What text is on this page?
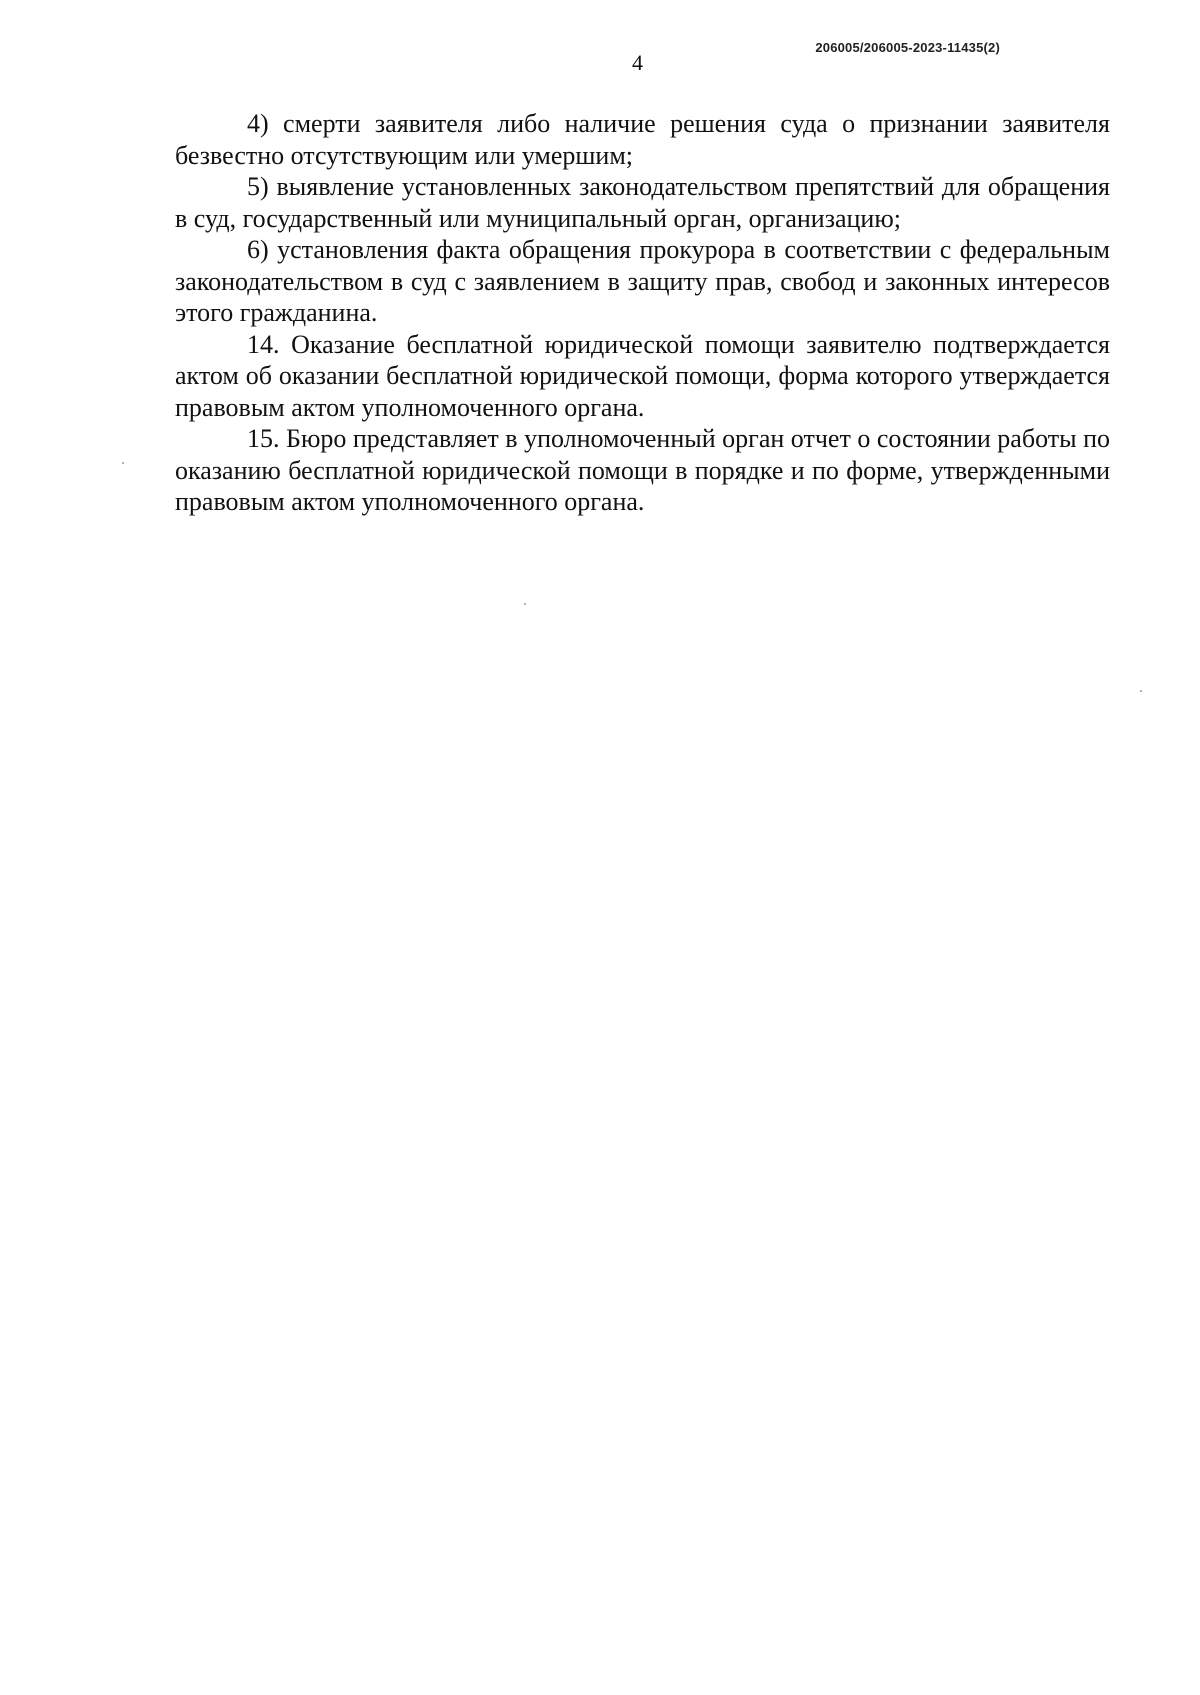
206005/206005-2023-11435(2)
4

4) смерти заявителя либо наличие решения суда о признании заявителя безвестно отсутствующим или умершим;

5) выявление установленных законодательством препятствий для обращения в суд, государственный или муниципальный орган, организацию;

6) установления факта обращения прокурора в соответствии с федеральным законодательством в суд с заявлением в защиту прав, свобод и законных интересов этого гражданина.

14. Оказание бесплатной юридической помощи заявителю подтверждается актом об оказании бесплатной юридической помощи, форма которого утверждается правовым актом уполномоченного органа.

15. Бюро представляет в уполномоченный орган отчет о состоянии работы по оказанию бесплатной юридической помощи в порядке и по форме, утвержденными правовым актом уполномоченного органа.
